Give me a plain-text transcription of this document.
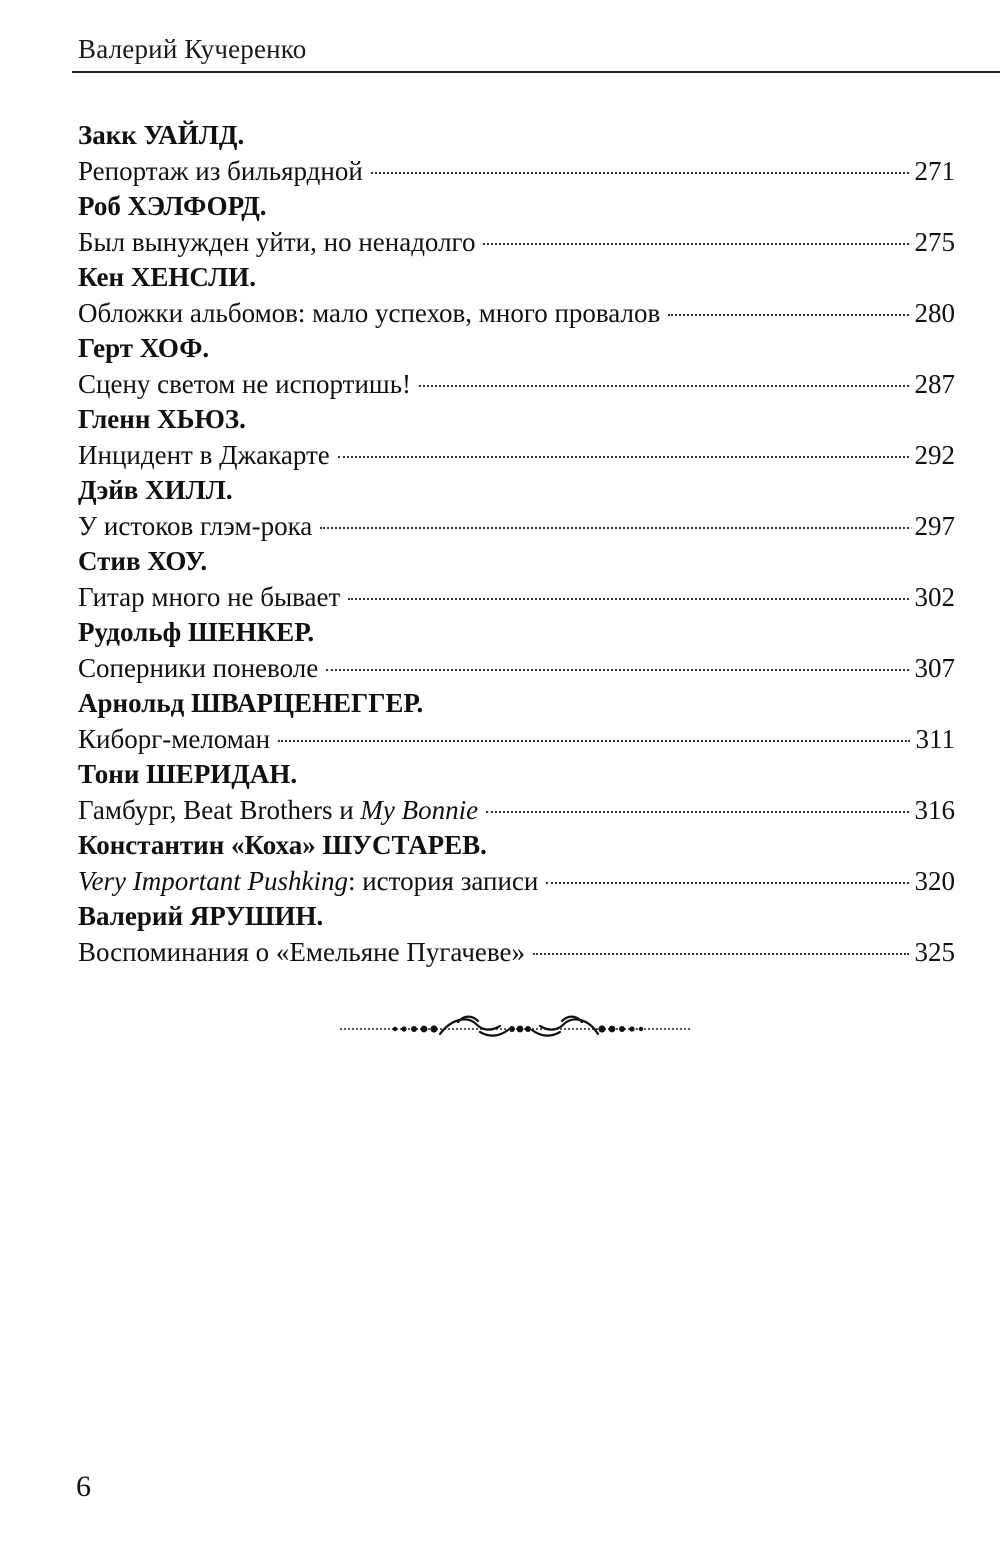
Валерий Кучеренко
Закк УАЙЛД.
Репортаж из бильярдной	271
Роб ХЭЛФОРД.
Был вынужден уйти, но ненадолго	275
Кен ХЕНСЛИ.
Обложки альбомов: мало успехов, много провалов	280
Герт ХОФ.
Сцену светом не испортишь!	287
Гленн ХЬЮЗ.
Инцидент в Джакарте	292
Дэйв ХИЛЛ.
У истоков глэм-рока	297
Стив ХОУ.
Гитар много не бывает	302
Рудольф ШЕНКЕР.
Соперники поневоле	307
Арнольд ШВАРЦЕНЕГГЕР.
Киборг-меломан	311
Тони ШЕРИДАН.
Гамбург, Beat Brothers и My Bonnie	316
Константин «Коха» ШУСТАРЕВ.
Very Important Pushking: история записи	320
Валерий ЯРУШИН.
Воспоминания о «Емельяне Пугачеве»	325
6
